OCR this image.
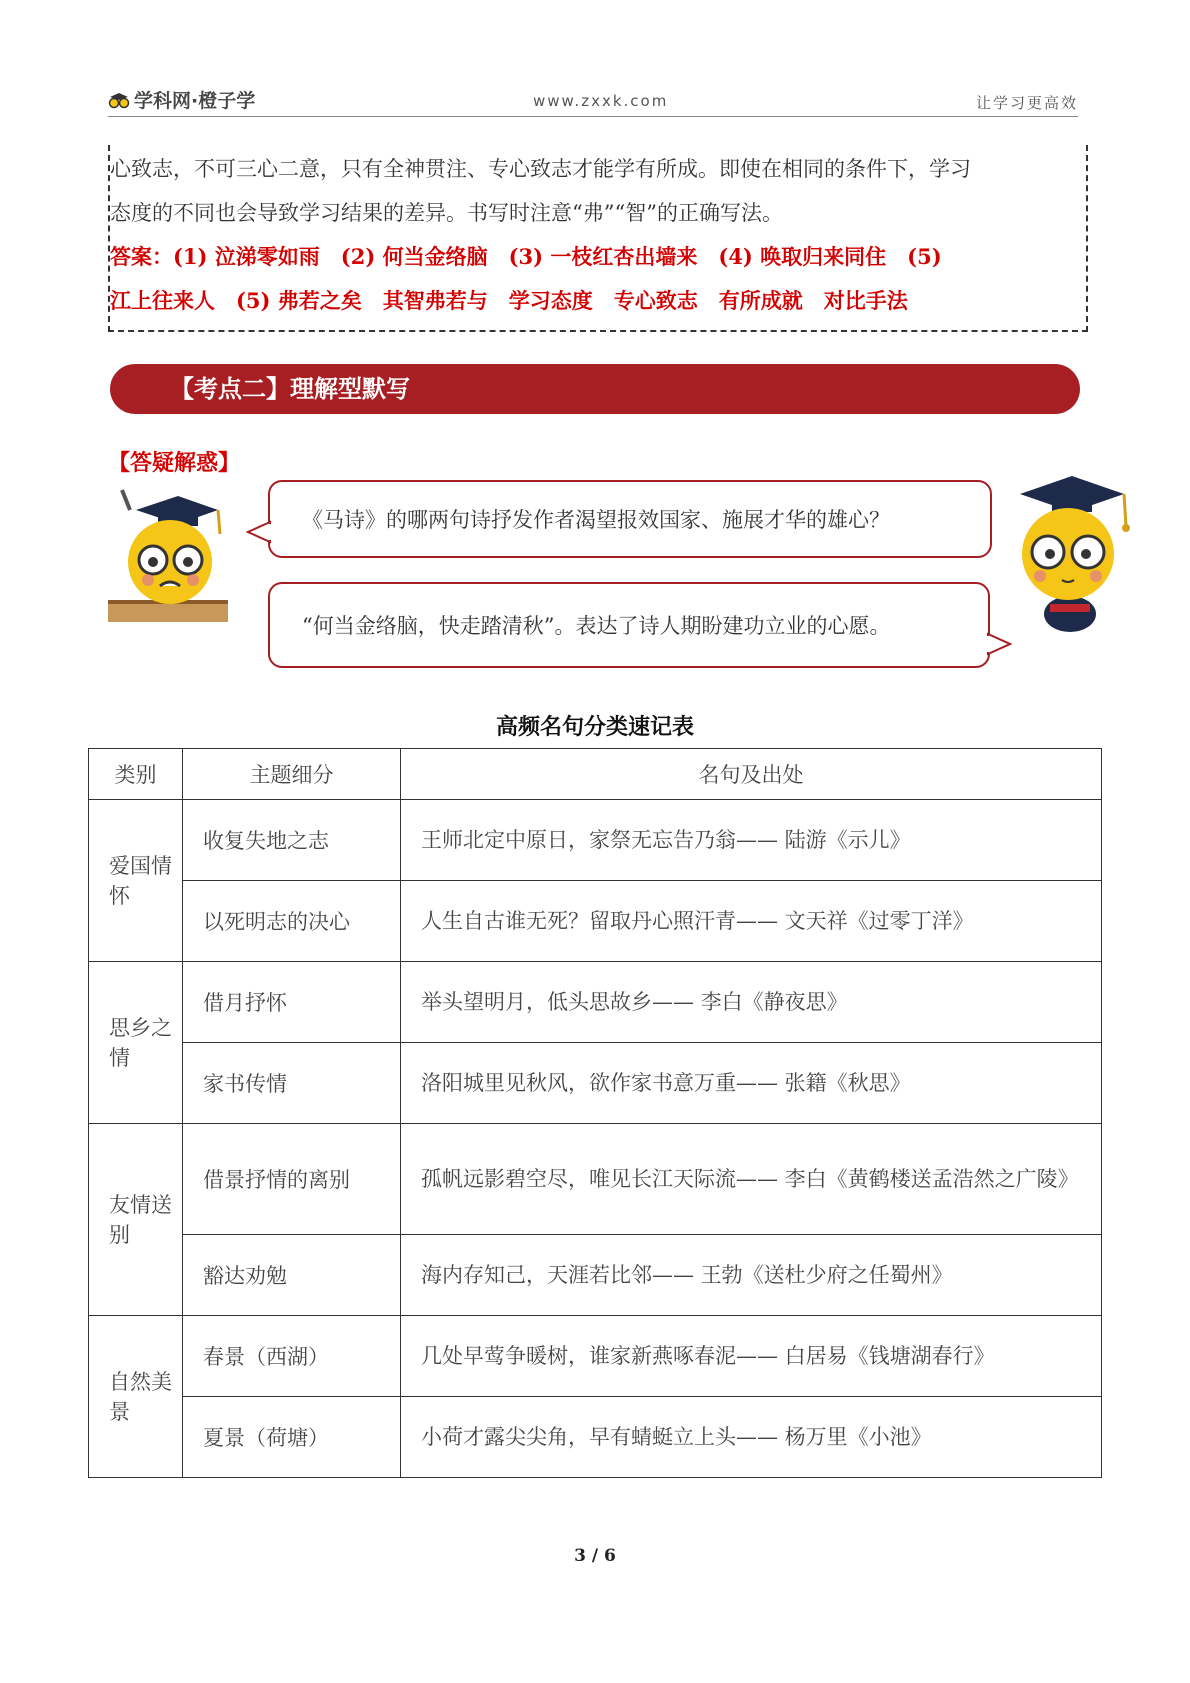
学科网·橙子学	www.zxxk.com	让学习更高效
心致志，不可三心二意，只有全神贯注、专心致志才能学有所成。即使在相同的条件下，学习
态度的不同也会导致学习结果的差异。书写时注意“弗”“智”的正确写法。
答案：(1) 泣涕零如雨　(2) 何当金络脑　(3) 一枝红杏出墙来　(4) 唤取归来同住　(5)
江上往来人　(5) 弗若之矣　其智弗若与　学习态度　专心致志　有所成就　对比手法
【考点二】理解型默写
【答疑解惑】
《马诗》的哪两句诗抒发作者渴望报效国家、施展才华的雄心？
“何当金络脑，快走踏清秋”。表达了诗人期盼建功立业的心愿。
高频名句分类速记表
类别	主题细分	名句及出处
爱国情怀	收复失地之志	王师北定中原日，家祭无忘告乃翁—— 陆游《示儿》
	以死明志的决心	人生自古谁无死？留取丹心照汗青—— 文天祥《过零丁洋》
思乡之情	借月抒怀	举头望明月，低头思故乡—— 李白《静夜思》
	家书传情	洛阳城里见秋风，欲作家书意万重—— 张籍《秋思》
友情送别	借景抒情的离别	孤帆远影碧空尽，唯见长江天际流—— 李白《黄鹤楼送孟浩然之广陵》
	豁达劝勉	海内存知己，天涯若比邻—— 王勃《送杜少府之任蜀州》
自然美景	春景（西湖）	几处早莺争暖树，谁家新燕啄春泥—— 白居易《钱塘湖春行》
	夏景（荷塘）	小荷才露尖尖角，早有蜻蜓立上头—— 杨万里《小池》
3 / 6
